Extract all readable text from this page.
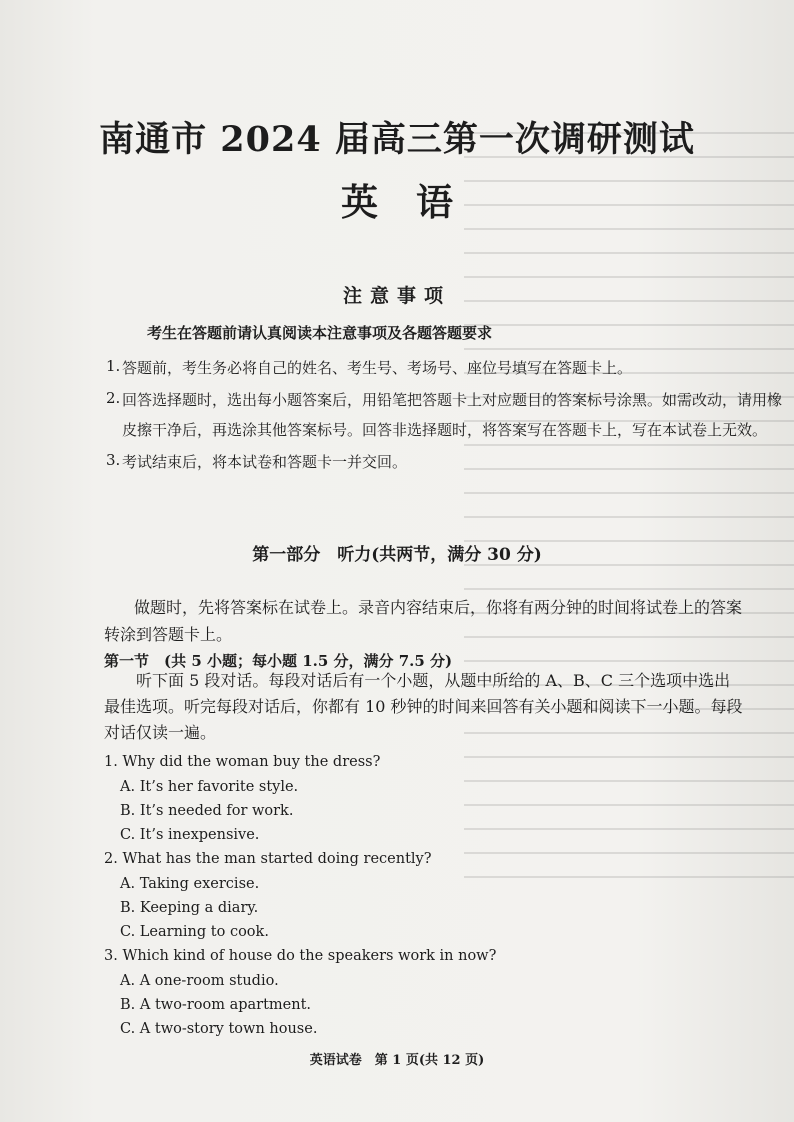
南通市 2024 届高三第一次调研测试
英语
注意事项
考生在答题前请认真阅读本注意事项及各题答题要求
1. 答题前，考生务必将自己的姓名、考生号、考场号、座位号填写在答题卡上。
2. 回答选择题时，选出每小题答案后，用铅笔把答题卡上对应题目的答案标号涂黑。如需改动，请用橡皮擦干净后，再选涂其他答案标号。回答非选择题时，将答案写在答题卡上，写在本试卷上无效。
3. 考试结束后，将本试卷和答题卡一并交回。
第一部分　听力(共两节，满分 30 分)
做题时，先将答案标在试卷上。录音内容结束后，你将有两分钟的时间将试卷上的答案转涂到答题卡上。
第一节　(共 5 小题；每小题 1.5 分，满分 7.5 分)
听下面 5 段对话。每段对话后有一个小题，从题中所给的 A、B、C 三个选项中选出最佳选项。听完每段对话后，你都有 10 秒钟的时间来回答有关小题和阅读下一小题。每段对话仅读一遍。
1. Why did the woman buy the dress?
A. It’s her favorite style.
B. It’s needed for work.
C. It’s inexpensive.
2. What has the man started doing recently?
A. Taking exercise.
B. Keeping a diary.
C. Learning to cook.
3. Which kind of house do the speakers work in now?
A. A one-room studio.
B. A two-room apartment.
C. A two-story town house.
英语试卷　第 1 页(共 12 页)
